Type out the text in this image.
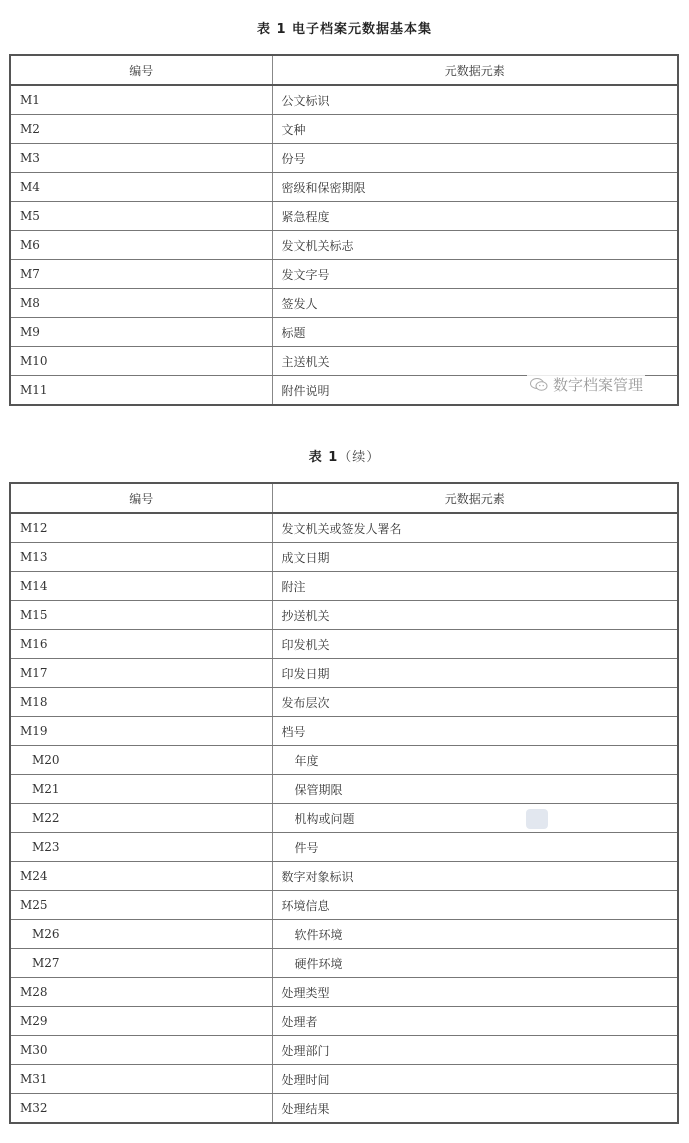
表 1 电子档案元数据基本集
编号	元数据元素
M1	公文标识
M2	文种
M3	份号
M4	密级和保密期限
M5	紧急程度
M6	发文机关标志
M7	发文字号
M8	签发人
M9	标题
M10	主送机关
M11	附件说明	数字档案管理
表 1（续）
编号	元数据元素
M12	发文机关或签发人署名
M13	成文日期
M14	附注
M15	抄送机关
M16	印发机关
M17	印发日期
M18	发布层次
M19	档号
M20	年度
M21	保管期限
M22	机构或问题
M23	件号
M24	数字对象标识
M25	环境信息
M26	软件环境
M27	硬件环境
M28	处理类型
M29	处理者
M30	处理部门
M31	处理时间
M32	处理结果
